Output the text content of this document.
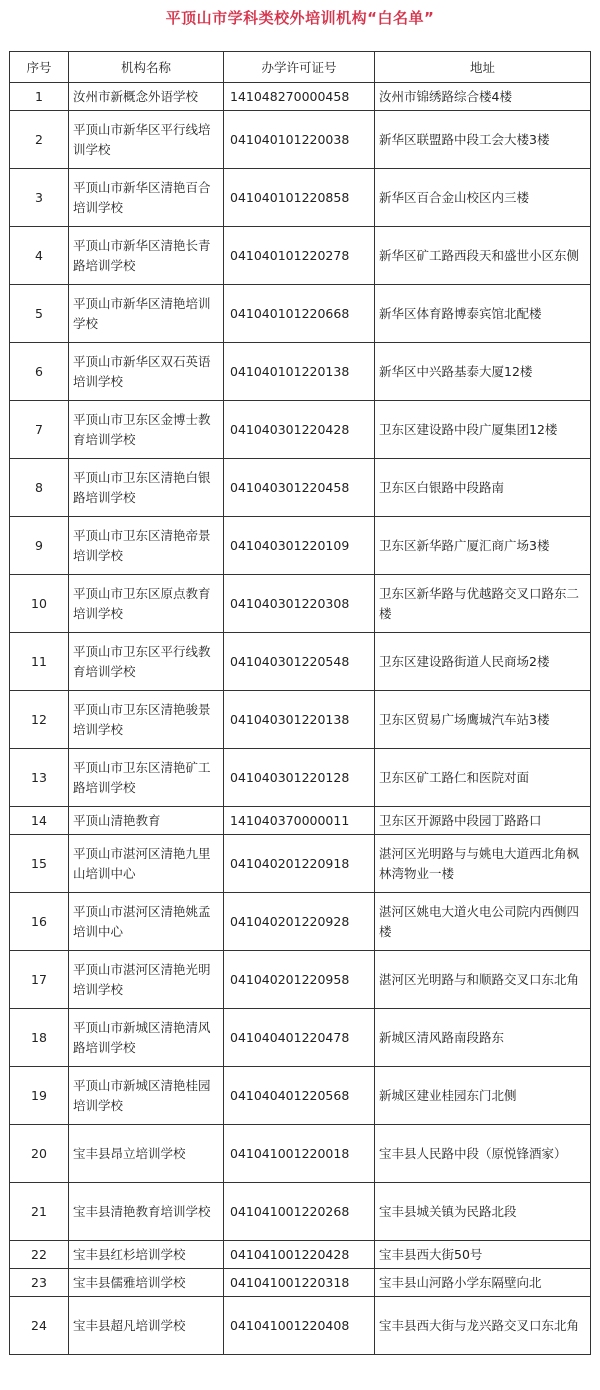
平顶山市学科类校外培训机构“白名单”
序号	机构名称	办学许可证号	地址
1	汝州市新概念外语学校	141048270000458	汝州市锦绣路综合楼4楼
2	平顶山市新华区平行线培训学校	041040101220038	新华区联盟路中段工会大楼3楼
3	平顶山市新华区清艳百合培训学校	041040101220858	新华区百合金山校区内三楼
4	平顶山市新华区清艳长青路培训学校	041040101220278	新华区矿工路西段天和盛世小区东侧
5	平顶山市新华区清艳培训学校	041040101220668	新华区体育路博泰宾馆北配楼
6	平顶山市新华区双石英语培训学校	041040101220138	新华区中兴路基泰大厦12楼
7	平顶山市卫东区金博士教育培训学校	041040301220428	卫东区建设路中段广厦集团12楼
8	平顶山市卫东区清艳白银路培训学校	041040301220458	卫东区白银路中段路南
9	平顶山市卫东区清艳帝景培训学校	041040301220109	卫东区新华路广厦汇商广场3楼
10	平顶山市卫东区原点教育培训学校	041040301220308	卫东区新华路与优越路交叉口路东二楼
11	平顶山市卫东区平行线教育培训学校	041040301220548	卫东区建设路街道人民商场2楼
12	平顶山市卫东区清艳骏景培训学校	041040301220138	卫东区贸易广场鹰城汽车站3楼
13	平顶山市卫东区清艳矿工路培训学校	041040301220128	卫东区矿工路仁和医院对面
14	平顶山清艳教育	141040370000011	卫东区开源路中段园丁路路口
15	平顶山市湛河区清艳九里山培训中心	041040201220918	湛河区光明路与与姚电大道西北角枫林湾物业一楼
16	平顶山市湛河区清艳姚孟培训中心	041040201220928	湛河区姚电大道火电公司院内西侧四楼
17	平顶山市湛河区清艳光明培训学校	041040201220958	湛河区光明路与和顺路交叉口东北角
18	平顶山市新城区清艳清风路培训学校	041040401220478	新城区清风路南段路东
19	平顶山市新城区清艳桂园培训学校	041040401220568	新城区建业桂园东门北侧
20	宝丰县昂立培训学校	041041001220018	宝丰县人民路中段（原悦锋酒家）
21	宝丰县清艳教育培训学校	041041001220268	宝丰县城关镇为民路北段
22	宝丰县红杉培训学校	041041001220428	宝丰县西大街50号
23	宝丰县儒雅培训学校	041041001220318	宝丰县山河路小学东隔壁向北
24	宝丰县超凡培训学校	041041001220408	宝丰县西大街与龙兴路交叉口东北角
